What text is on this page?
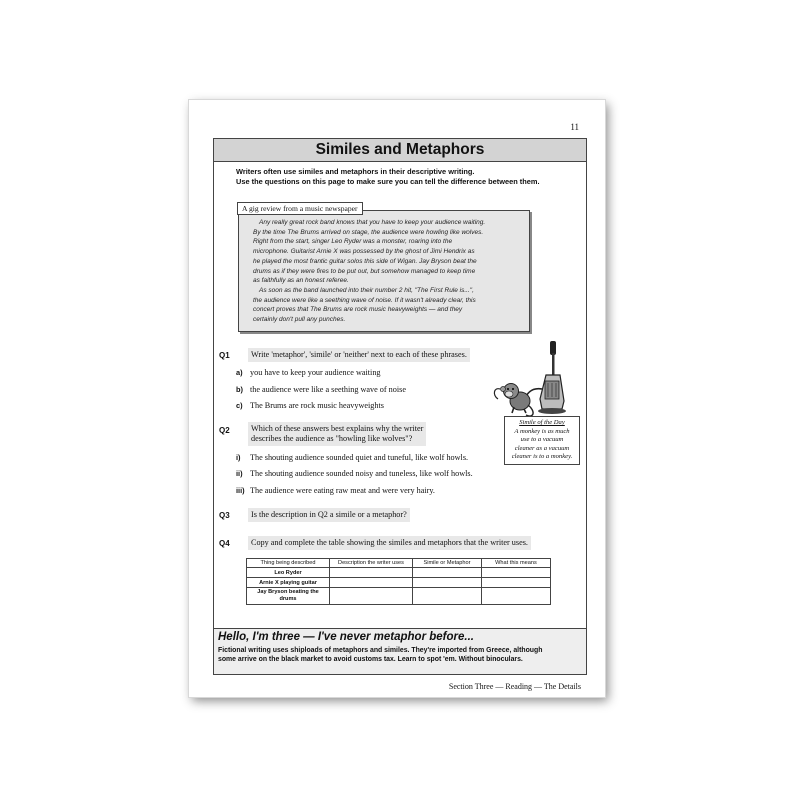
11
Similes and Metaphors
Writers often use similes and metaphors in their descriptive writing.
Use the questions on this page to make sure you can tell the difference between them.
A gig review from a music newspaper

Any really great rock band knows that you have to keep your audience waiting.

By the time The Brums arrived on stage, the audience were howling like wolves.
Right from the start, singer Leo Ryder was a monster, roaring into the
microphone. Guitarist Arnie X was possessed by the ghost of Jimi Hendrix as
he played the most frantic guitar solos this side of Wigan. Jay Bryson beat the
drums as if they were fires to be put out, but somehow managed to keep time
as faithfully as an honest referee.

As soon as the band launched into their number 2 hit, "The First Rule is...",

the audience were like a seething wave of noise. If it wasn't already clear, this
concert proves that The Brums are rock music heavyweights — and they
certainly don't pull any punches.
Q1	Write 'metaphor', 'simile' or 'neither' next to each of these phrases.
a) you have to keep your audience waiting
b) the audience were like a seething wave of noise
c) The Brums are rock music heavyweights
Q2	Which of these answers best explains why the writer
describes the audience as "howling like wolves"?
i) The shouting audience sounded quiet and tuneful, like wolf howls.
ii) The shouting audience sounded noisy and tuneless, like wolf howls.
iii) The audience were eating raw meat and were very hairy.
Q3	Is the description in Q2 a simile or a metaphor?
Q4	Copy and complete the table showing the similes and metaphors that the writer uses.
Thing being described	Description the writer uses	Simile or Metaphor	What this means
Leo Ryder			
Arnie X playing guitar			
Jay Bryson beating the drums			
Simile of the Day
A monkey is as much
use to a vacuum
cleaner as a vacuum
cleaner is to a monkey.
Hello, I'm three — I've never metaphor before...
Fictional writing uses shiploads of metaphors and similes. They're imported from Greece, although
some arrive on the black market to avoid customs tax. Learn to spot 'em. Without binoculars.
Section Three — Reading — The Details
